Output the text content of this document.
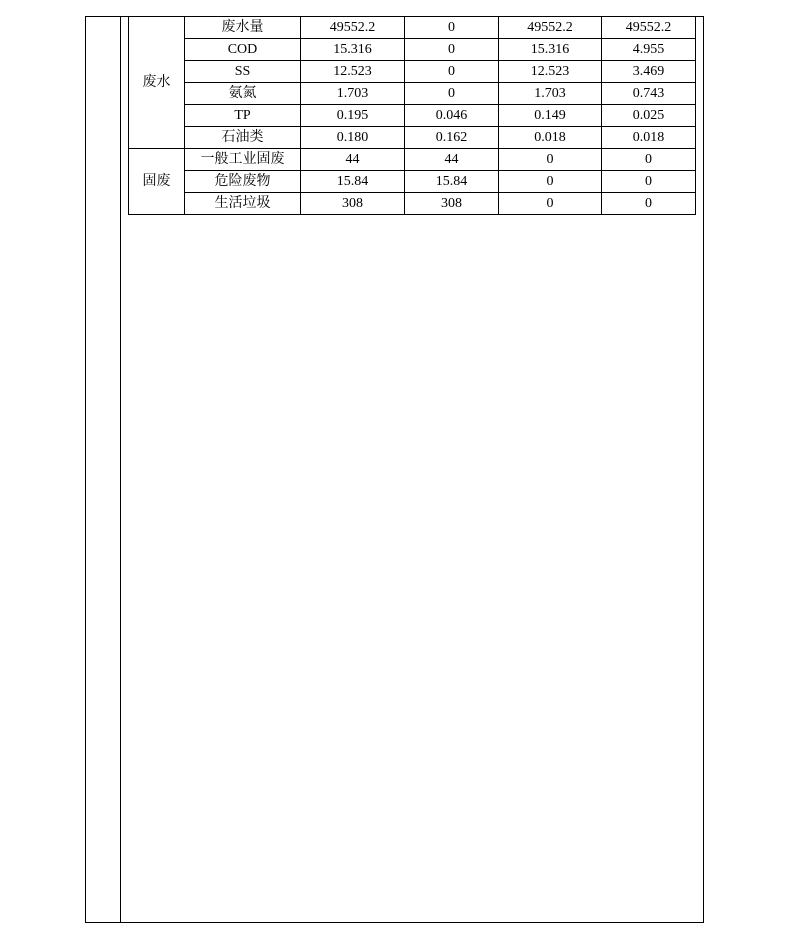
废水	废水量	49552.2	0	49552.2	49552.2
	COD	15.316	0	15.316	4.955
	SS	12.523	0	12.523	3.469
	氨氮	1.703	0	1.703	0.743
	TP	0.195	0.046	0.149	0.025
	石油类	0.180	0.162	0.018	0.018
固废	一般工业固废	44	44	0	0
	危险废物	15.84	15.84	0	0
	生活垃圾	308	308	0	0
